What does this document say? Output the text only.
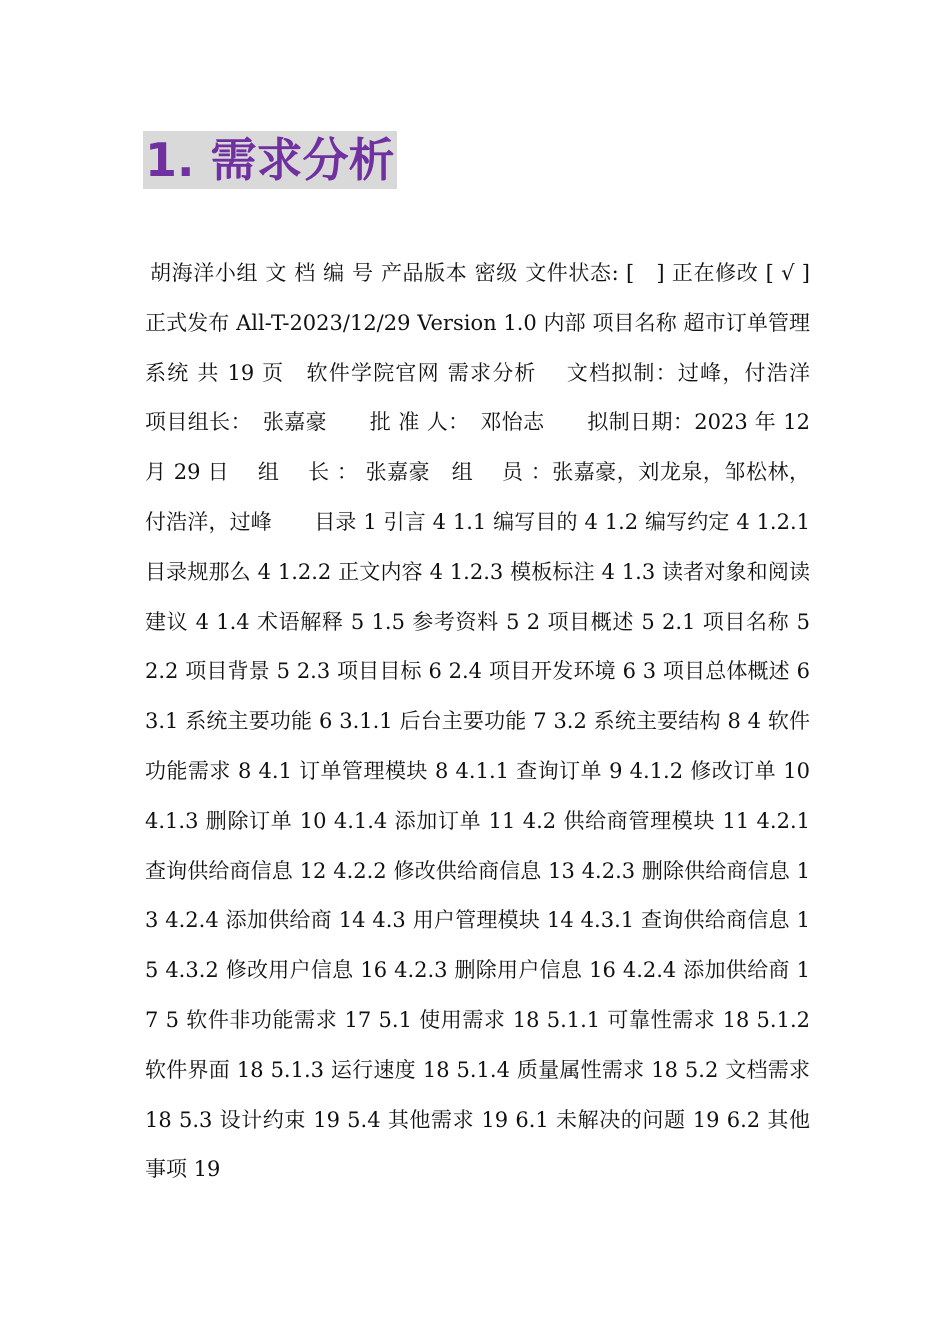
1. 需求分析

胡海洋小组 文 档 编 号 产品版本 密级 文件状态: [　] 正在修改 [ √ ] 正式发布 All-T-2023/12/29 Version 1.0 内部 项目名称 超市订单管理系统 共 19 页　软件学院官网 需求分析　 文档拟制：过峰，付浩洋　项目组长：　张嘉豪　　批 准 人：　邓怡志　　拟制日期：2023 年 12 月 29 日　 组　 长 ： 张嘉豪　组　 员 ：张嘉豪，刘龙泉，邹松林，付浩洋，过峰　　目录 1 引言 4 1.1 编写目的 4 1.2 编写约定 4 1.2.1 目录规那么 4 1.2.2 正文内容 4 1.2.3 模板标注 4 1.3 读者对象和阅读建议 4 1.4 术语解释 5 1.5 参考资料 5 2 项目概述 5 2.1 项目名称 5 2.2 项目背景 5 2.3 项目目标 6 2.4 项目开发环境 6 3 项目总体概述 6 3.1 系统主要功能 6 3.1.1 后台主要功能 7 3.2 系统主要结构 8 4 软件功能需求 8 4.1 订单管理模块 8 4.1.1 查询订单 9 4.1.2 修改订单 10 4.1.3 删除订单 10 4.1.4 添加订单 11 4.2 供给商管理模块 11 4.2.1 查询供给商信息 12 4.2.2 修改供给商信息 13 4.2.3 删除供给商信息 13 4.2.4 添加供给商 14 4.3 用户管理模块 14 4.3.1 查询供给商信息 15 4.3.2 修改用户信息 16 4.2.3 删除用户信息 16 4.2.4 添加供给商 17 5 软件非功能需求 17 5.1 使用需求 18 5.1.1 可靠性需求 18 5.1.2　软件界面 18 5.1.3 运行速度 18 5.1.4 质量属性需求 18 5.2 文档需求 18 5.3 设计约束 19 5.4 其他需求 19 6.1 未解决的问题 19 6.2 其他事项 19
